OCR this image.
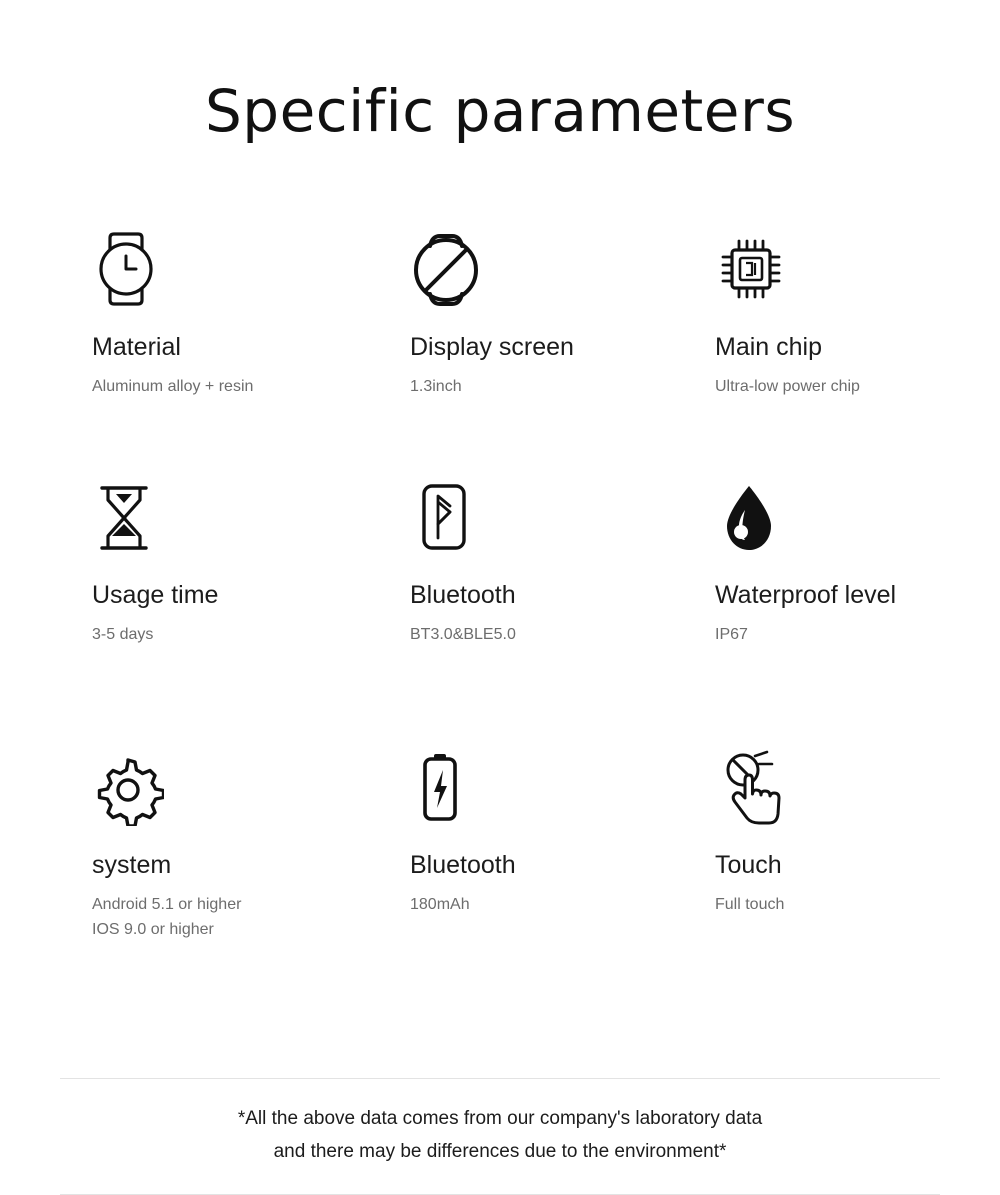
Specific parameters
Material
Aluminum alloy + resin
Display screen
1.3inch
Main chip
Ultra-low power chip
Usage time
3-5 days
Bluetooth
BT3.0&BLE5.0
Waterproof level
IP67
system
Android 5.1 or higher
IOS 9.0 or higher
Bluetooth
180mAh
Touch
Full touch
*All the above data comes from our company's laboratory data
and there may be differences due to the environment*
